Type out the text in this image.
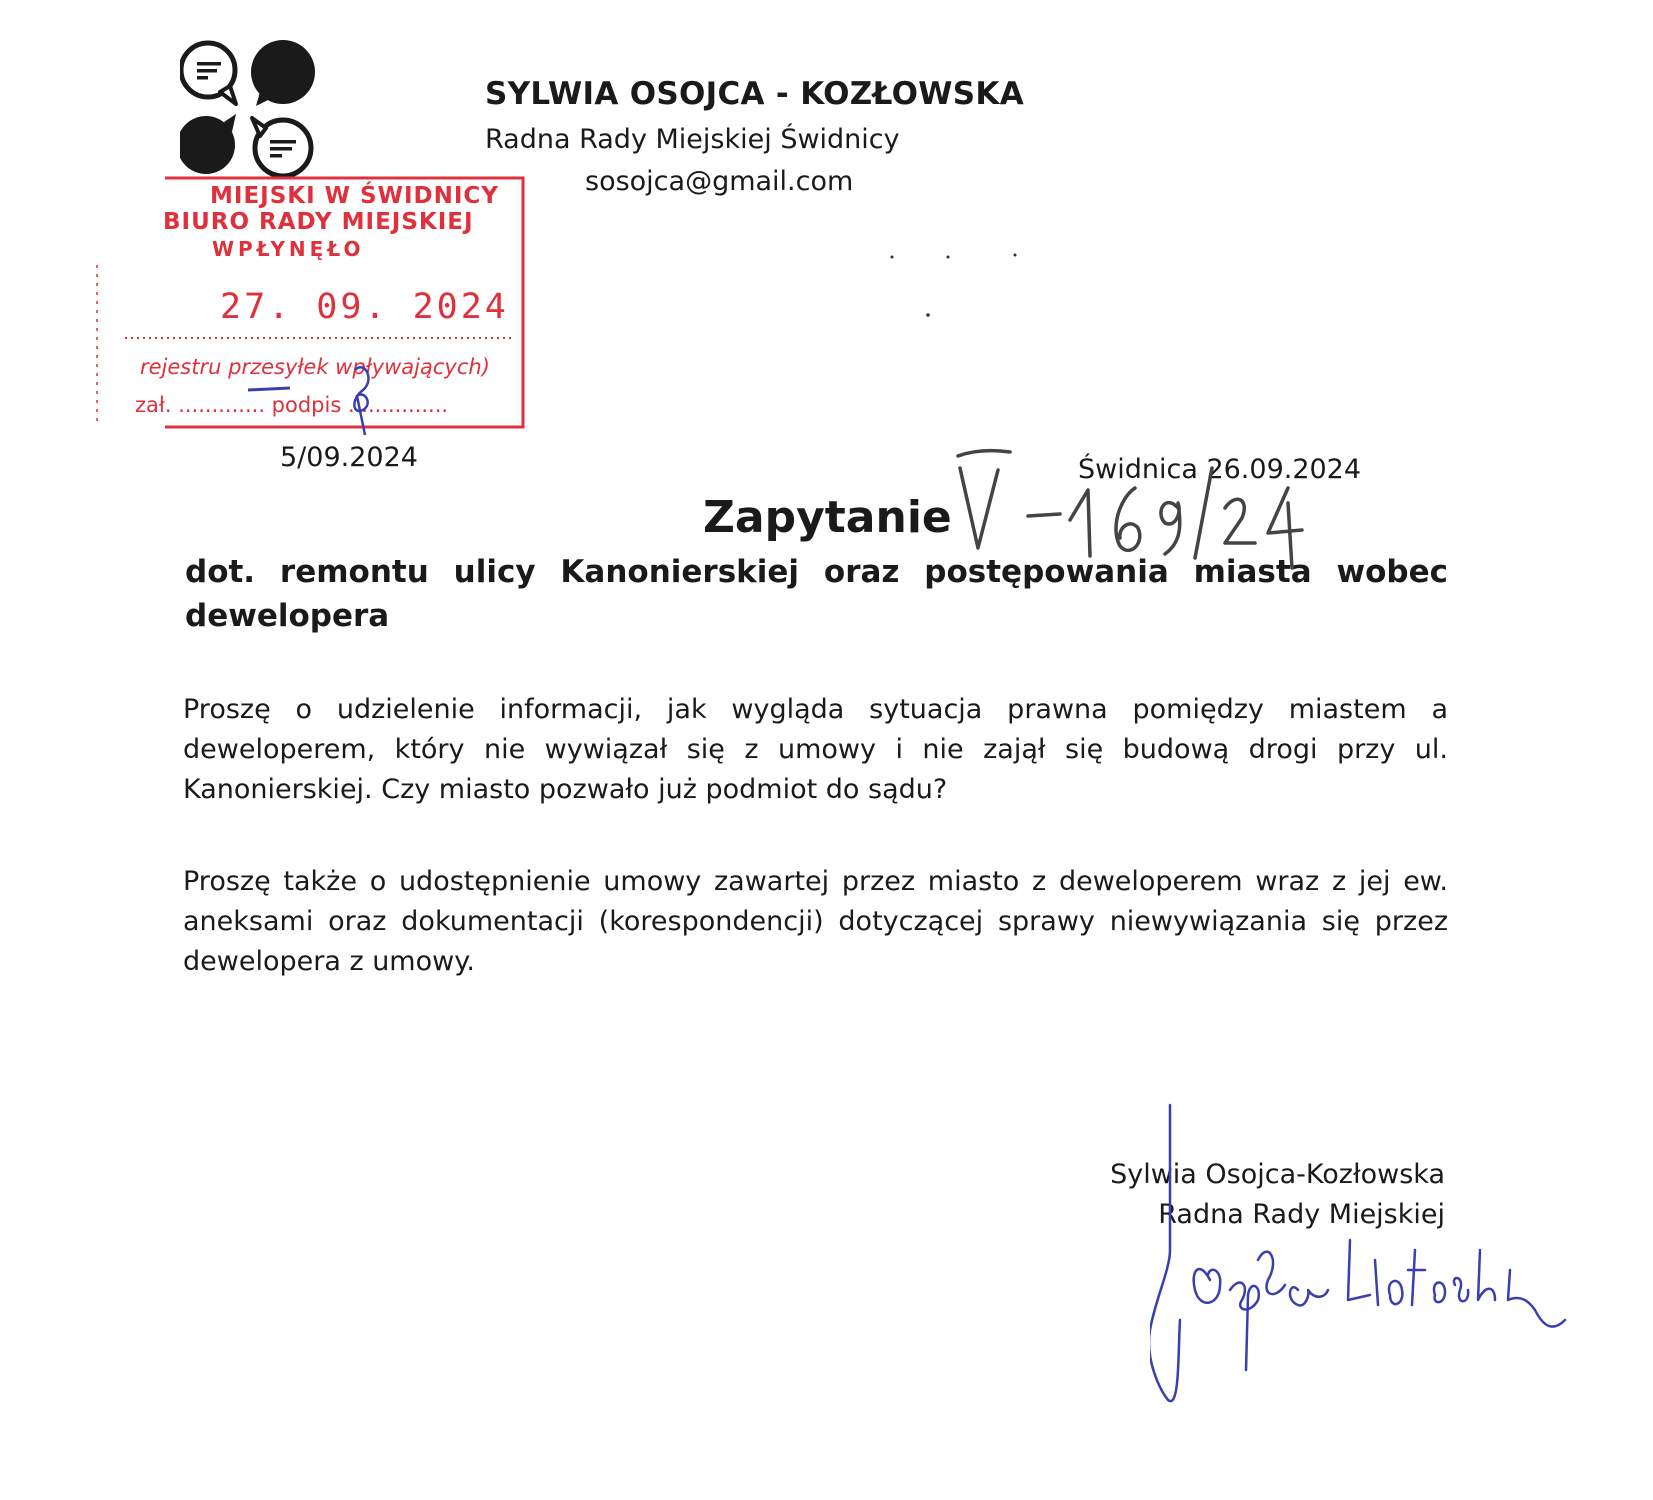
SYLWIA OSOJCA - KOZŁOWSKA
Radna Rady Miejskiej Świdnicy
sosojca@gmail.com
MIEJSKI W ŚWIDNICY
BIURO RADY MIEJSKIEJ
WPŁYNĘŁO
27. 09. 2024
rejestru przesyłek wpływających)
zał. ............. podpis ...............
5/09.2024	Świdnica 26.09.2024
Zapytanie
dot. remontu ulicy Kanonierskiej oraz postępowania miasta wobec dewelopera
Proszę o udzielenie informacji, jak wygląda sytuacja prawna pomiędzy miastem a deweloperem, który nie wywiązał się z umowy i nie zajął się budową drogi przy ul. Kanonierskiej. Czy miasto pozwało już podmiot do sądu?
Proszę także o udostępnienie umowy zawartej przez miasto z deweloperem wraz z jej ew. aneksami oraz dokumentacji (korespondencji) dotyczącej sprawy niewywiązania się przez dewelopera z umowy.
Sylwia Osojca-Kozłowska
Radna Rady Miejskiej
